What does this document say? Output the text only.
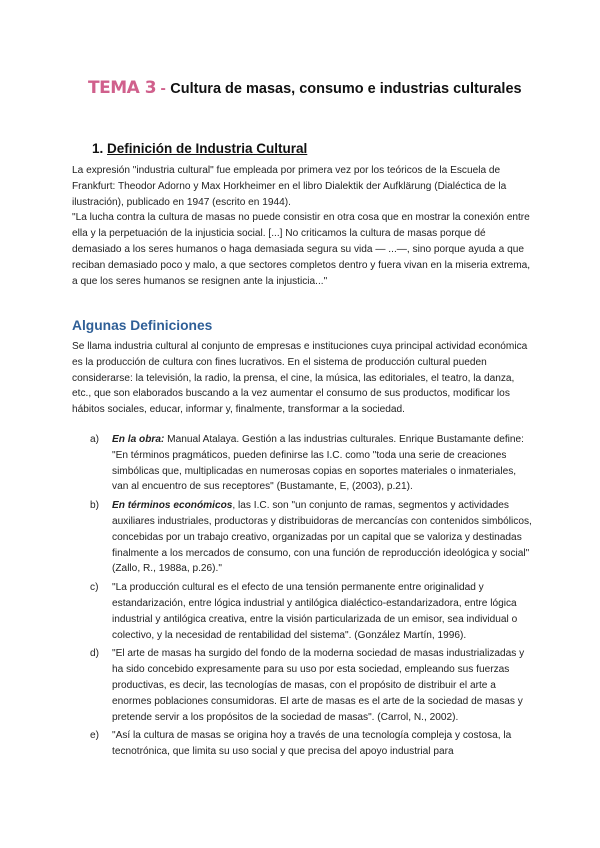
TEMA 3 - Cultura de masas, consumo e industrias culturales
1. Definición de Industria Cultural

La expresión "industria cultural" fue empleada por primera vez por los teóricos de la Escuela de Frankfurt: Theodor Adorno y Max Horkheimer en el libro Dialektik der Aufklärung (Dialéctica de la ilustración), publicado en 1947 (escrito en 1944).

"La lucha contra la cultura de masas no puede consistir en otra cosa que en mostrar la conexión entre ella y la perpetuación de la injusticia social. [...] No criticamos la cultura de masas porque dé demasiado a los seres humanos o haga demasiada segura su vida — ...—, sino porque ayuda a que reciban demasiado poco y malo, a que sectores completos dentro y fuera vivan en la miseria extrema, a que los seres humanos se resignen ante la injusticia..."

Algunas Definiciones

Se llama industria cultural al conjunto de empresas e instituciones cuya principal actividad económica es la producción de cultura con fines lucrativos. En el sistema de producción cultural pueden considerarse: la televisión, la radio, la prensa, el cine, la música, las editoriales, el teatro, la danza, etc., que son elaborados buscando a la vez aumentar el consumo de sus productos, modificar los hábitos sociales, educar, informar y, finalmente, transformar a la sociedad.

a) En la obra: Manual Atalaya. Gestión a las industrias culturales. Enrique Bustamante define: "En términos pragmáticos, pueden definirse las I.C. como "toda una serie de creaciones simbólicas que, multiplicadas en numerosas copias en soportes materiales o inmateriales, van al encuentro de sus receptores" (Bustamante, E, (2003), p.21).
b) En términos económicos, las I.C. son "un conjunto de ramas, segmentos y actividades auxiliares industriales, productoras y distribuidoras de mercancías con contenidos simbólicos, concebidas por un trabajo creativo, organizadas por un capital que se valoriza y destinadas finalmente a los mercados de consumo, con una función de reproducción ideológica y social" (Zallo, R., 1988a, p.26)."
c) "La producción cultural es el efecto de una tensión permanente entre originalidad y estandarización, entre lógica industrial y antilógica dialéctico-estandarizadora, entre lógica industrial y antilógica creativa, entre la visión particularizada de un emisor, sea individual o colectivo, y la necesidad de rentabilidad del sistema". (González Martín, 1996).
d) "El arte de masas ha surgido del fondo de la moderna sociedad de masas industrializadas y ha sido concebido expresamente para su uso por esta sociedad, empleando sus fuerzas productivas, es decir, las tecnologías de masas, con el propósito de distribuir el arte a enormes poblaciones consumidoras. El arte de masas es el arte de la sociedad de masas y pretende servir a los propósitos de la sociedad de masas". (Carrol, N., 2002).
e) "Así la cultura de masas se origina hoy a través de una tecnología compleja y costosa, la tecnotrónica, que limita su uso social y que precisa del apoyo industrial para
